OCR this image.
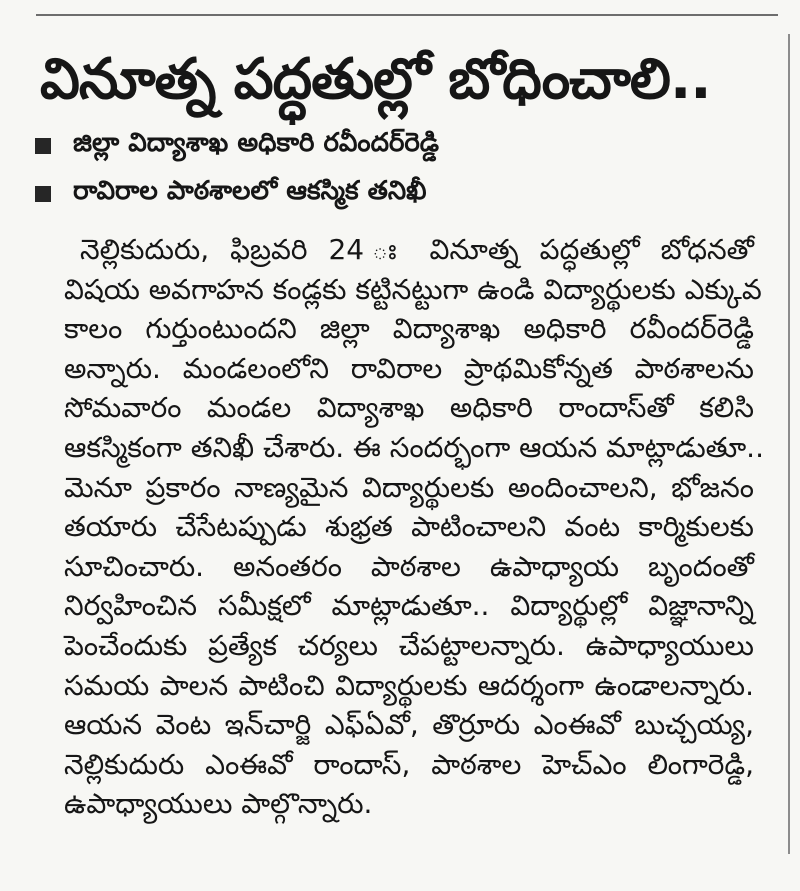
వినూత్న పద్ధతుల్లో బోధించాలి..
జిల్లా విద్యాశాఖ అధికారి రవీందర్‌రెడ్డి
రావిరాల పాఠశాలలో ఆకస్మిక తనిఖీ
నెల్లికుదురు, ఫిబ్రవరి 24 ః వినూత్న పద్ధతుల్లో బోధనతో
విషయ అవగాహన కండ్లకు కట్టినట్టుగా ఉండి విద్యార్థులకు ఎక్కువ
కాలం గుర్తుంటుందని జిల్లా విద్యాశాఖ అధికారి రవీందర్‌రెడ్డి
అన్నారు. మండలంలోని రావిరాల ప్రాథమికోన్నత పాఠశాలను
సోమవారం మండల విద్యాశాఖ అధికారి రాందాస్‌తో కలిసి
ఆకస్మికంగా తనిఖీ చేశారు. ఈ సందర్భంగా ఆయన మాట్లాడుతూ..
మెనూ ప్రకారం నాణ్యమైన విద్యార్థులకు అందించాలని, భోజనం
తయారు చేసేటప్పుడు శుభ్రత పాటించాలని వంట కార్మికులకు
సూచించారు. అనంతరం పాఠశాల ఉపాధ్యాయ బృందంతో
నిర్వహించిన సమీక్షలో మాట్లాడుతూ.. విద్యార్థుల్లో విజ్ఞానాన్ని
పెంచేందుకు ప్రత్యేక చర్యలు చేపట్టాలన్నారు. ఉపాధ్యాయులు
సమయ పాలన పాటించి విద్యార్థులకు ఆదర్శంగా ఉండాలన్నారు.
ఆయన వెంట ఇన్‌చార్జి ఎఫ్‌ఏవో, తొర్రూరు ఎంఈవో బుచ్చయ్య,
నెల్లికుదురు ఎంఈవో రాందాస్, పాఠశాల హెచ్‌ఎం లింగారెడ్డి,
ఉపాధ్యాయులు పాల్గొన్నారు.
